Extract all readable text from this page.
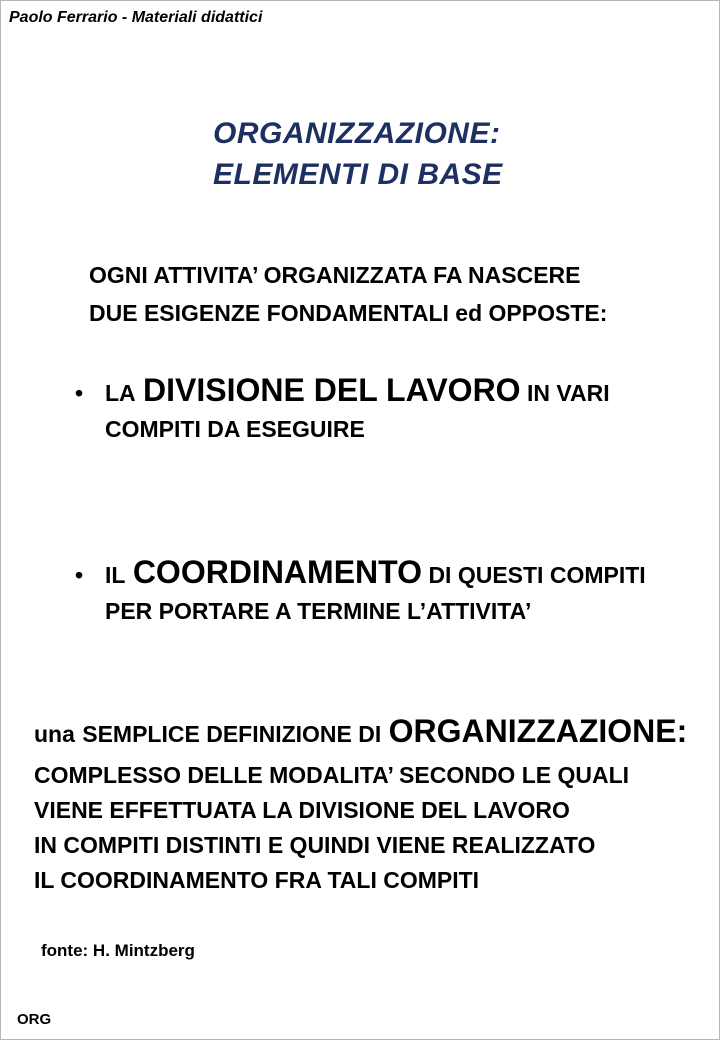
Paolo Ferrario - Materiali didattici
ORGANIZZAZIONE:
ELEMENTI DI BASE
OGNI ATTIVITA’ ORGANIZZATA FA NASCERE
DUE ESIGENZE FONDAMENTALI ed OPPOSTE:
• LA DIVISIONE DEL LAVORO IN VARI
COMPITI DA ESEGUIRE
• IL COORDINAMENTO DI QUESTI COMPITI
PER PORTARE A TERMINE L’ATTIVITA’
una SEMPLICE DEFINIZIONE DI ORGANIZZAZIONE:
COMPLESSO DELLE MODALITA’ SECONDO LE QUALI
VIENE EFFETTUATA LA DIVISIONE DEL LAVORO
IN COMPITI DISTINTI E QUINDI VIENE REALIZZATO
IL COORDINAMENTO FRA TALI COMPITI
fonte: H. Mintzberg
ORG
